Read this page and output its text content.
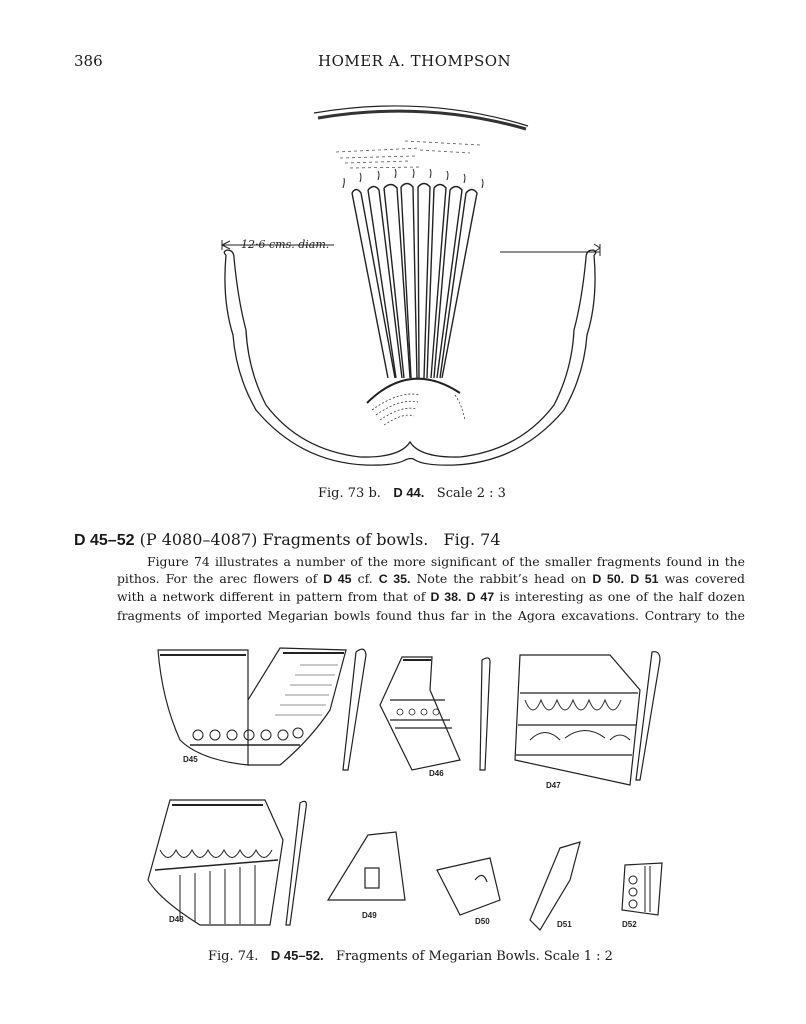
386	HOMER A. THOMPSON
12·6 cms. diam.
Fig. 73 b. D 44. Scale 2 : 3
D 45–52 (P 4080–4087) Fragments of bowls. Fig. 74
Figure 74 illustrates a number of the more significant of the smaller fragments found in the
pithos. For the arec flowers of D 45 cf. C 35. Note the rabbit’s head on D 50. D 51 was covered
with a network different in pattern from that of D 38. D 47 is interesting as one of the half dozen
fragments of imported Megarian bowls found thus far in the Agora excavations. Contrary to the
D45
D46
D47
D48	D49
D50	D51	D52
Fig. 74. D 45–52. Fragments of Megarian Bowls. Scale 1 : 2
